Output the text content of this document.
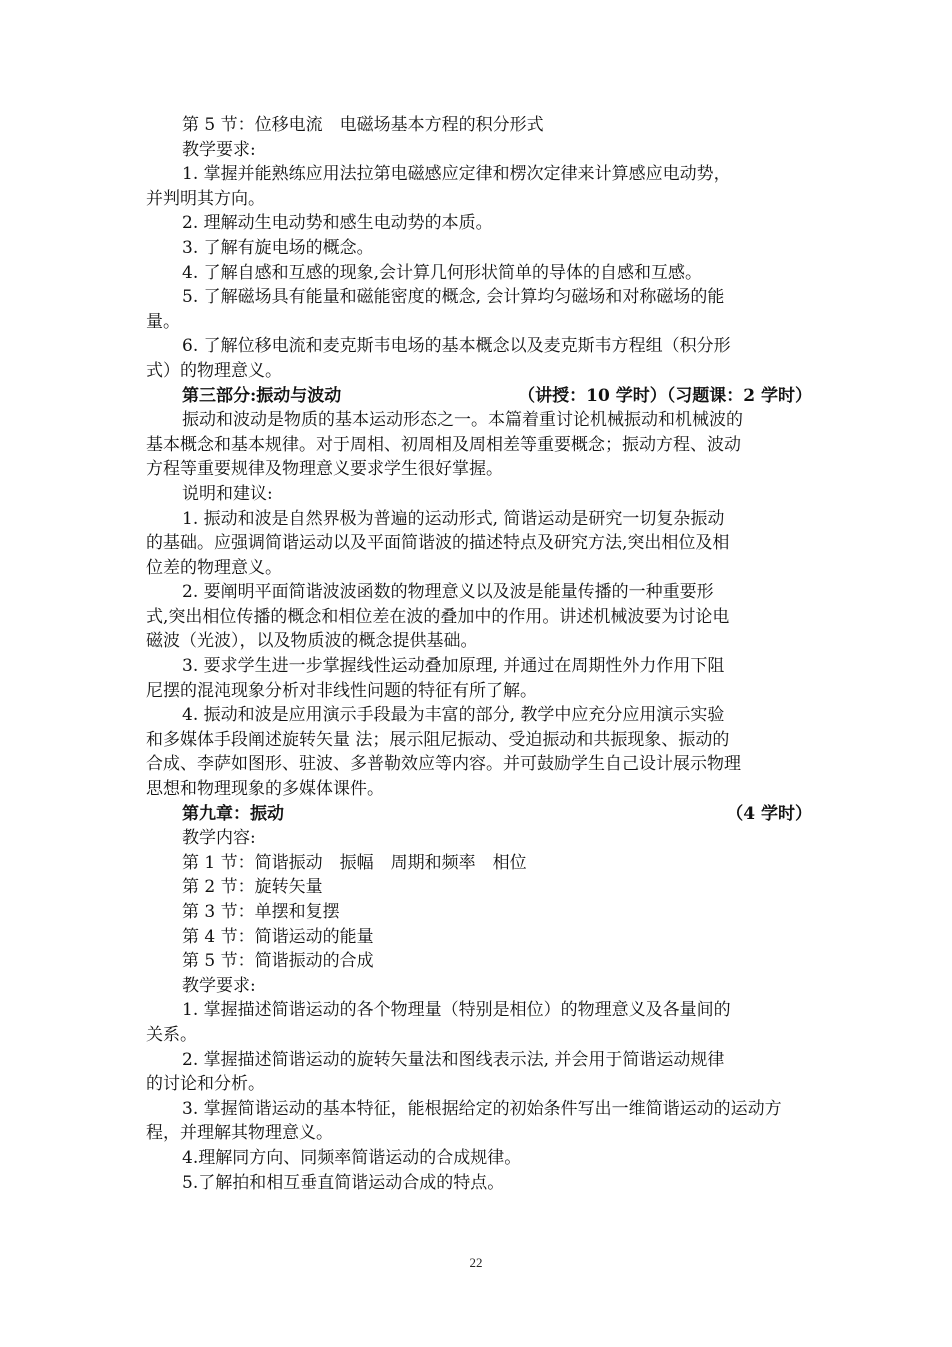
第 5 节：位移电流　电磁场基本方程的积分形式
教学要求:
1. 掌握并能熟练应用法拉第电磁感应定律和楞次定律来计算感应电动势，
并判明其方向。
2. 理解动生电动势和感生电动势的本质。
3. 了解有旋电场的概念。
4. 了解自感和互感的现象,会计算几何形状简单的导体的自感和互感。
5. 了解磁场具有能量和磁能密度的概念, 会计算均匀磁场和对称磁场的能
量。
6. 了解位移电流和麦克斯韦电场的基本概念以及麦克斯韦方程组（积分形
式）的物理意义。
第三部分:振动与波动	（讲授：10 学时）（习题课：2 学时）
振动和波动是物质的基本运动形态之一。本篇着重讨论机械振动和机械波的
基本概念和基本规律。对于周相、初周相及周相差等重要概念；振动方程、波动
方程等重要规律及物理意义要求学生很好掌握。
说明和建议:
1. 振动和波是自然界极为普遍的运动形式, 简谐运动是研究一切复杂振动
的基础。应强调简谐运动以及平面简谐波的描述特点及研究方法,突出相位及相
位差的物理意义。
2. 要阐明平面简谐波波函数的物理意义以及波是能量传播的一种重要形
式,突出相位传播的概念和相位差在波的叠加中的作用。讲述机械波要为讨论电
磁波（光波），以及物质波的概念提供基础。
3. 要求学生进一步掌握线性运动叠加原理, 并通过在周期性外力作用下阻
尼摆的混沌现象分析对非线性问题的特征有所了解。
4. 振动和波是应用演示手段最为丰富的部分, 教学中应充分应用演示实验
和多媒体手段阐述旋转矢量 法；展示阻尼振动、受迫振动和共振现象、振动的
合成、李萨如图形、驻波、多普勒效应等内容。并可鼓励学生自己设计展示物理
思想和物理现象的多媒体课件。
第九章：振动	（4 学时）
教学内容:
第 1 节：简谐振动　振幅　周期和频率　相位
第 2 节：旋转矢量
第 3 节：单摆和复摆
第 4 节：简谐运动的能量
第 5 节：简谐振动的合成
教学要求:
1. 掌握描述简谐运动的各个物理量（特别是相位）的物理意义及各量间的
关系。
2. 掌握描述简谐运动的旋转矢量法和图线表示法, 并会用于简谐运动规律
的讨论和分析。
3. 掌握简谐运动的基本特征，能根据给定的初始条件写出一维简谐运动的运动方
程，并理解其物理意义。
4.理解同方向、同频率简谐运动的合成规律。
5.了解拍和相互垂直简谐运动合成的特点。
22
